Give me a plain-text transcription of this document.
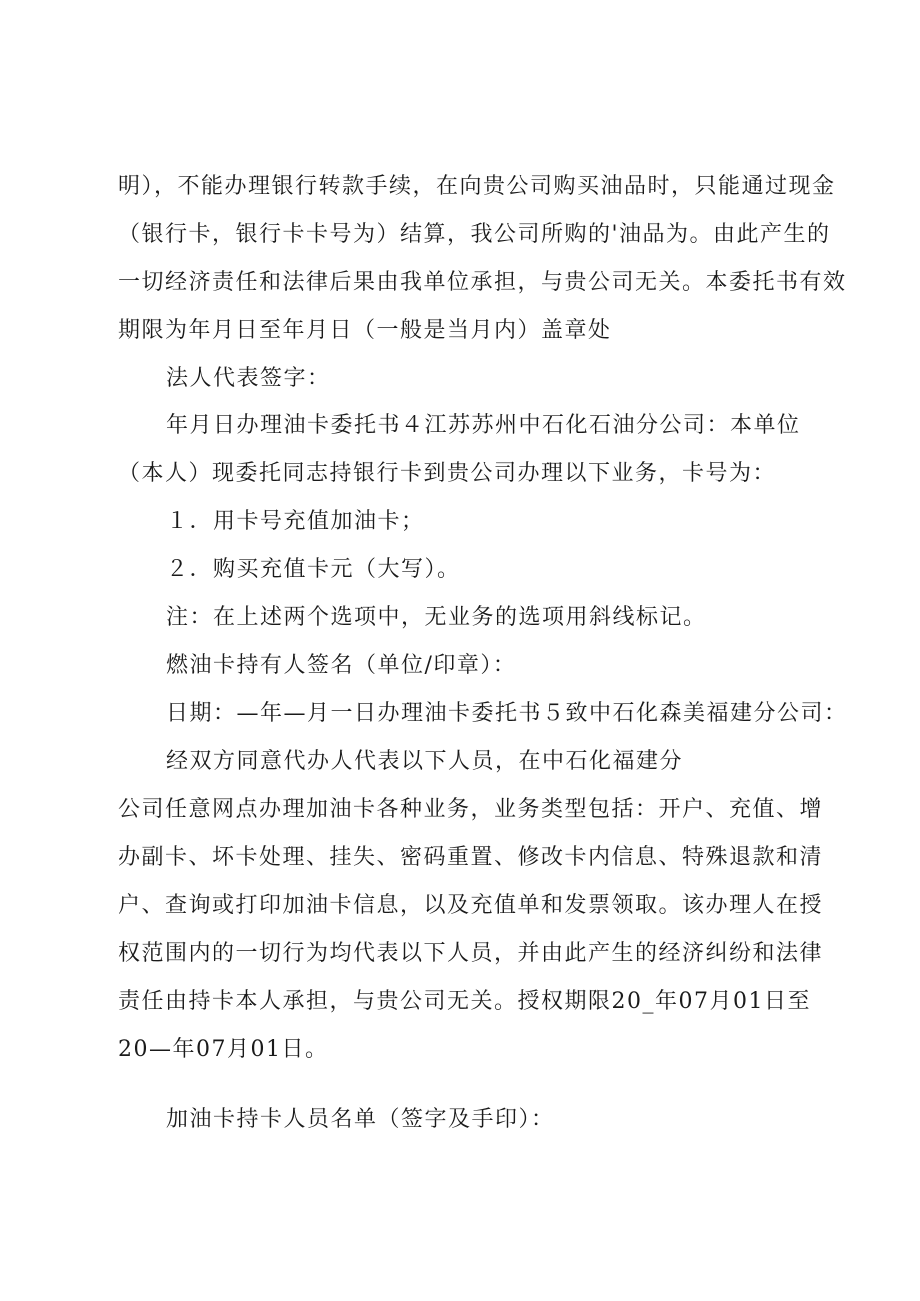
明），不能办理银行转款手续，在向贵公司购买油品时，只能通过现金
（银行卡，银行卡卡号为）结算，我公司所购的'油品为。由此产生的
一切经济责任和法律后果由我单位承担，与贵公司无关。本委托书有效
期限为年月日至年月日（一般是当月内）盖章处
法人代表签字：
年月日办理油卡委托书４江苏苏州中石化石油分公司：本单位
（本人）现委托同志持银行卡到贵公司办理以下业务，卡号为：
１．用卡号充值加油卡；
２．购买充值卡元（大写）。
注：在上述两个选项中，无业务的选项用斜线标记。
燃油卡持有人签名（单位/印章）：
日期：—年—月一日办理油卡委托书５致中石化森美福建分公司：
经双方同意代办人代表以下人员，在中石化福建分
公司任意网点办理加油卡各种业务，业务类型包括：开户、充值、增
办副卡、坏卡处理、挂失、密码重置、修改卡内信息、特殊退款和清
户、查询或打印加油卡信息，以及充值单和发票领取。该办理人在授
权范围内的一切行为均代表以下人员，并由此产生的经济纠纷和法律
责任由持卡本人承担，与贵公司无关。授权期限20_年07月01日至
20—年07月01日。
加油卡持卡人员名单（签字及手印）：
